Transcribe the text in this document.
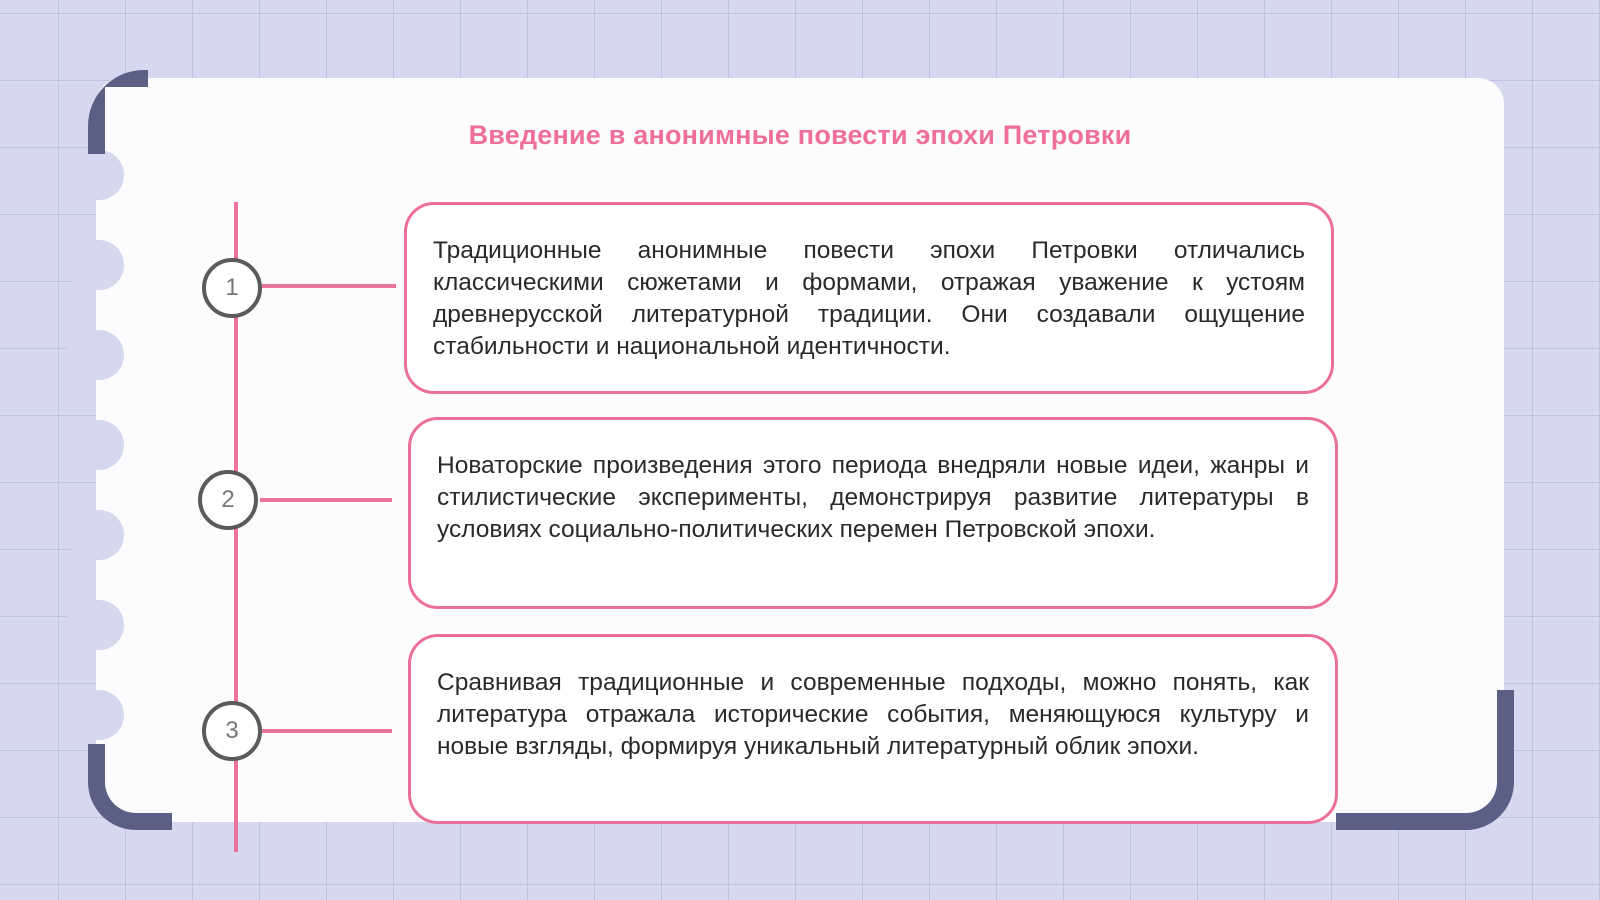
Введение в анонимные повести эпохи Петровки
1

Традиционные анонимные повести эпохи Петровки отличались классическими сюжетами и формами, отражая уважение к устоям древнерусской литературной традиции. Они создавали ощущение стабильности и национальной идентичности.

2

Новаторские произведения этого периода внедряли новые идеи, жанры и стилистические эксперименты, демонстрируя развитие литературы в условиях социально-политических перемен Петровской эпохи.

3

Сравнивая традиционные и современные подходы, можно понять, как литература отражала исторические события, меняющуюся культуру и новые взгляды, формируя уникальный литературный облик эпохи.
